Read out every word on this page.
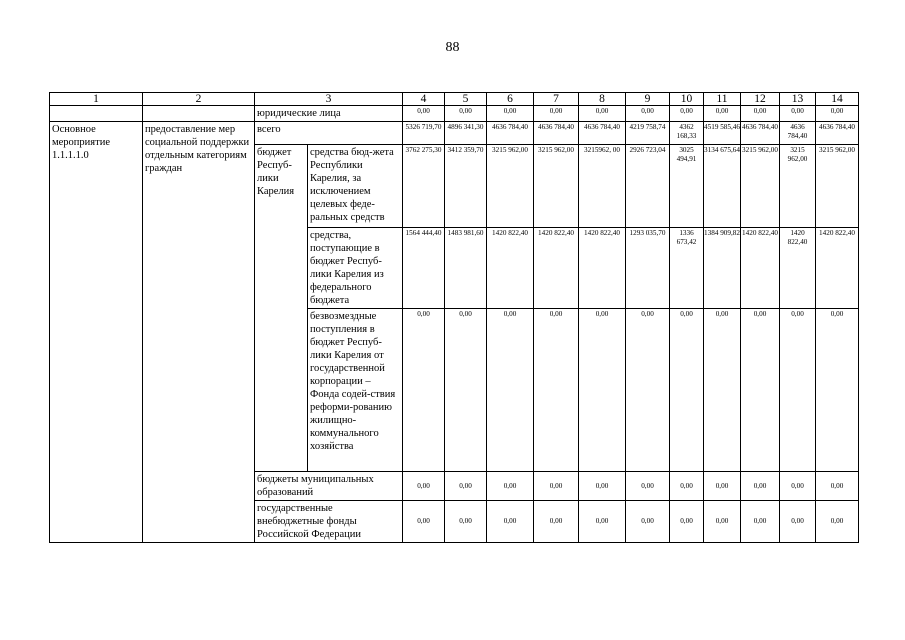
88
1	2	3		4	5	6	7	8	9	10	11	12	13	14
		юридические лица		0,00	0,00	0,00	0,00	0,00	0,00	0,00	0,00	0,00	0,00	0,00
Основное мероприятие 1.1.1.1.0	предоставление мер социальной поддержки отдельным категориям граждан	всего		5326 719,70	4896 341,30	4636 784,40	4636 784,40	4636 784,40	4219 758,74	4362 168,33	4519 585,46	4636 784,40	4636 784,40	4636 784,40
		бюджет Респуб-лики Карелия	средства бюд-жета Республики Карелия, за исключением целевых феде-ральных средств	3762 275,30	3412 359,70	3215 962,00	3215 962,00	3215962, 00	2926 723,04	3025 494,91	3134 675,64	3215 962,00	3215 962,00	3215 962,00
			средства, поступающие в бюджет Респуб-лики Карелия из федерального бюджета	1564 444,40	1483 981,60	1420 822,40	1420 822,40	1420 822,40	1293 035,70	1336 673,42	1384 909,82	1420 822,40	1420 822,40	1420 822,40
			безвозмездные поступления в бюджет Респуб-лики Карелия от государственной корпорации – Фонда содей-ствия реформи-рованию жилищно-коммунального хозяйства	0,00	0,00	0,00	0,00	0,00	0,00	0,00	0,00	0,00	0,00	0,00
		бюджеты муниципальных образований		0,00	0,00	0,00	0,00	0,00	0,00	0,00	0,00	0,00	0,00	0,00
		государственные внебюджетные фонды Российской Федерации		0,00	0,00	0,00	0,00	0,00	0,00	0,00	0,00	0,00	0,00	0,00
